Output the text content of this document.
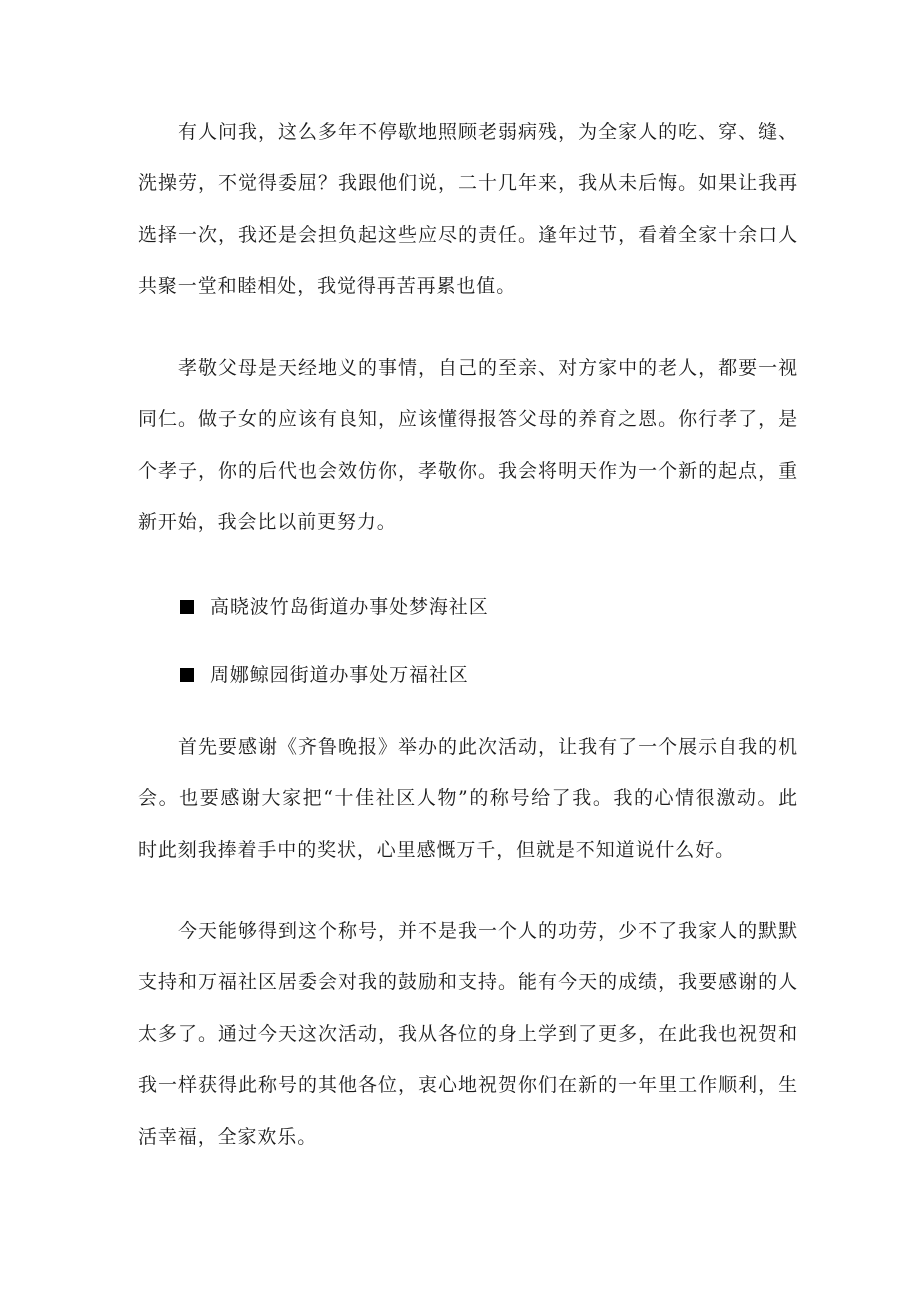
　　有人问我，这么多年不停歇地照顾老弱病残，为全家人的吃、穿、缝、
洗操劳，不觉得委屈？我跟他们说，二十几年来，我从未后悔。如果让我再
选择一次，我还是会担负起这些应尽的责任。逢年过节，看着全家十余口人
共聚一堂和睦相处，我觉得再苦再累也值。
　　孝敬父母是天经地义的事情，自己的至亲、对方家中的老人，都要一视
同仁。做子女的应该有良知，应该懂得报答父母的养育之恩。你行孝了，是
个孝子，你的后代也会效仿你，孝敬你。我会将明天作为一个新的起点，重
新开始，我会比以前更努力。
高晓波竹岛街道办事处梦海社区
周娜鲸园街道办事处万福社区
　　首先要感谢《齐鲁晚报》举办的此次活动，让我有了一个展示自我的机
会。也要感谢大家把“十佳社区人物”的称号给了我。我的心情很激动。此
时此刻我捧着手中的奖状，心里感慨万千，但就是不知道说什么好。
　　今天能够得到这个称号，并不是我一个人的功劳，少不了我家人的默默
支持和万福社区居委会对我的鼓励和支持。能有今天的成绩，我要感谢的人
太多了。通过今天这次活动，我从各位的身上学到了更多，在此我也祝贺和
我一样获得此称号的其他各位，衷心地祝贺你们在新的一年里工作顺利，生
活幸福，全家欢乐。
